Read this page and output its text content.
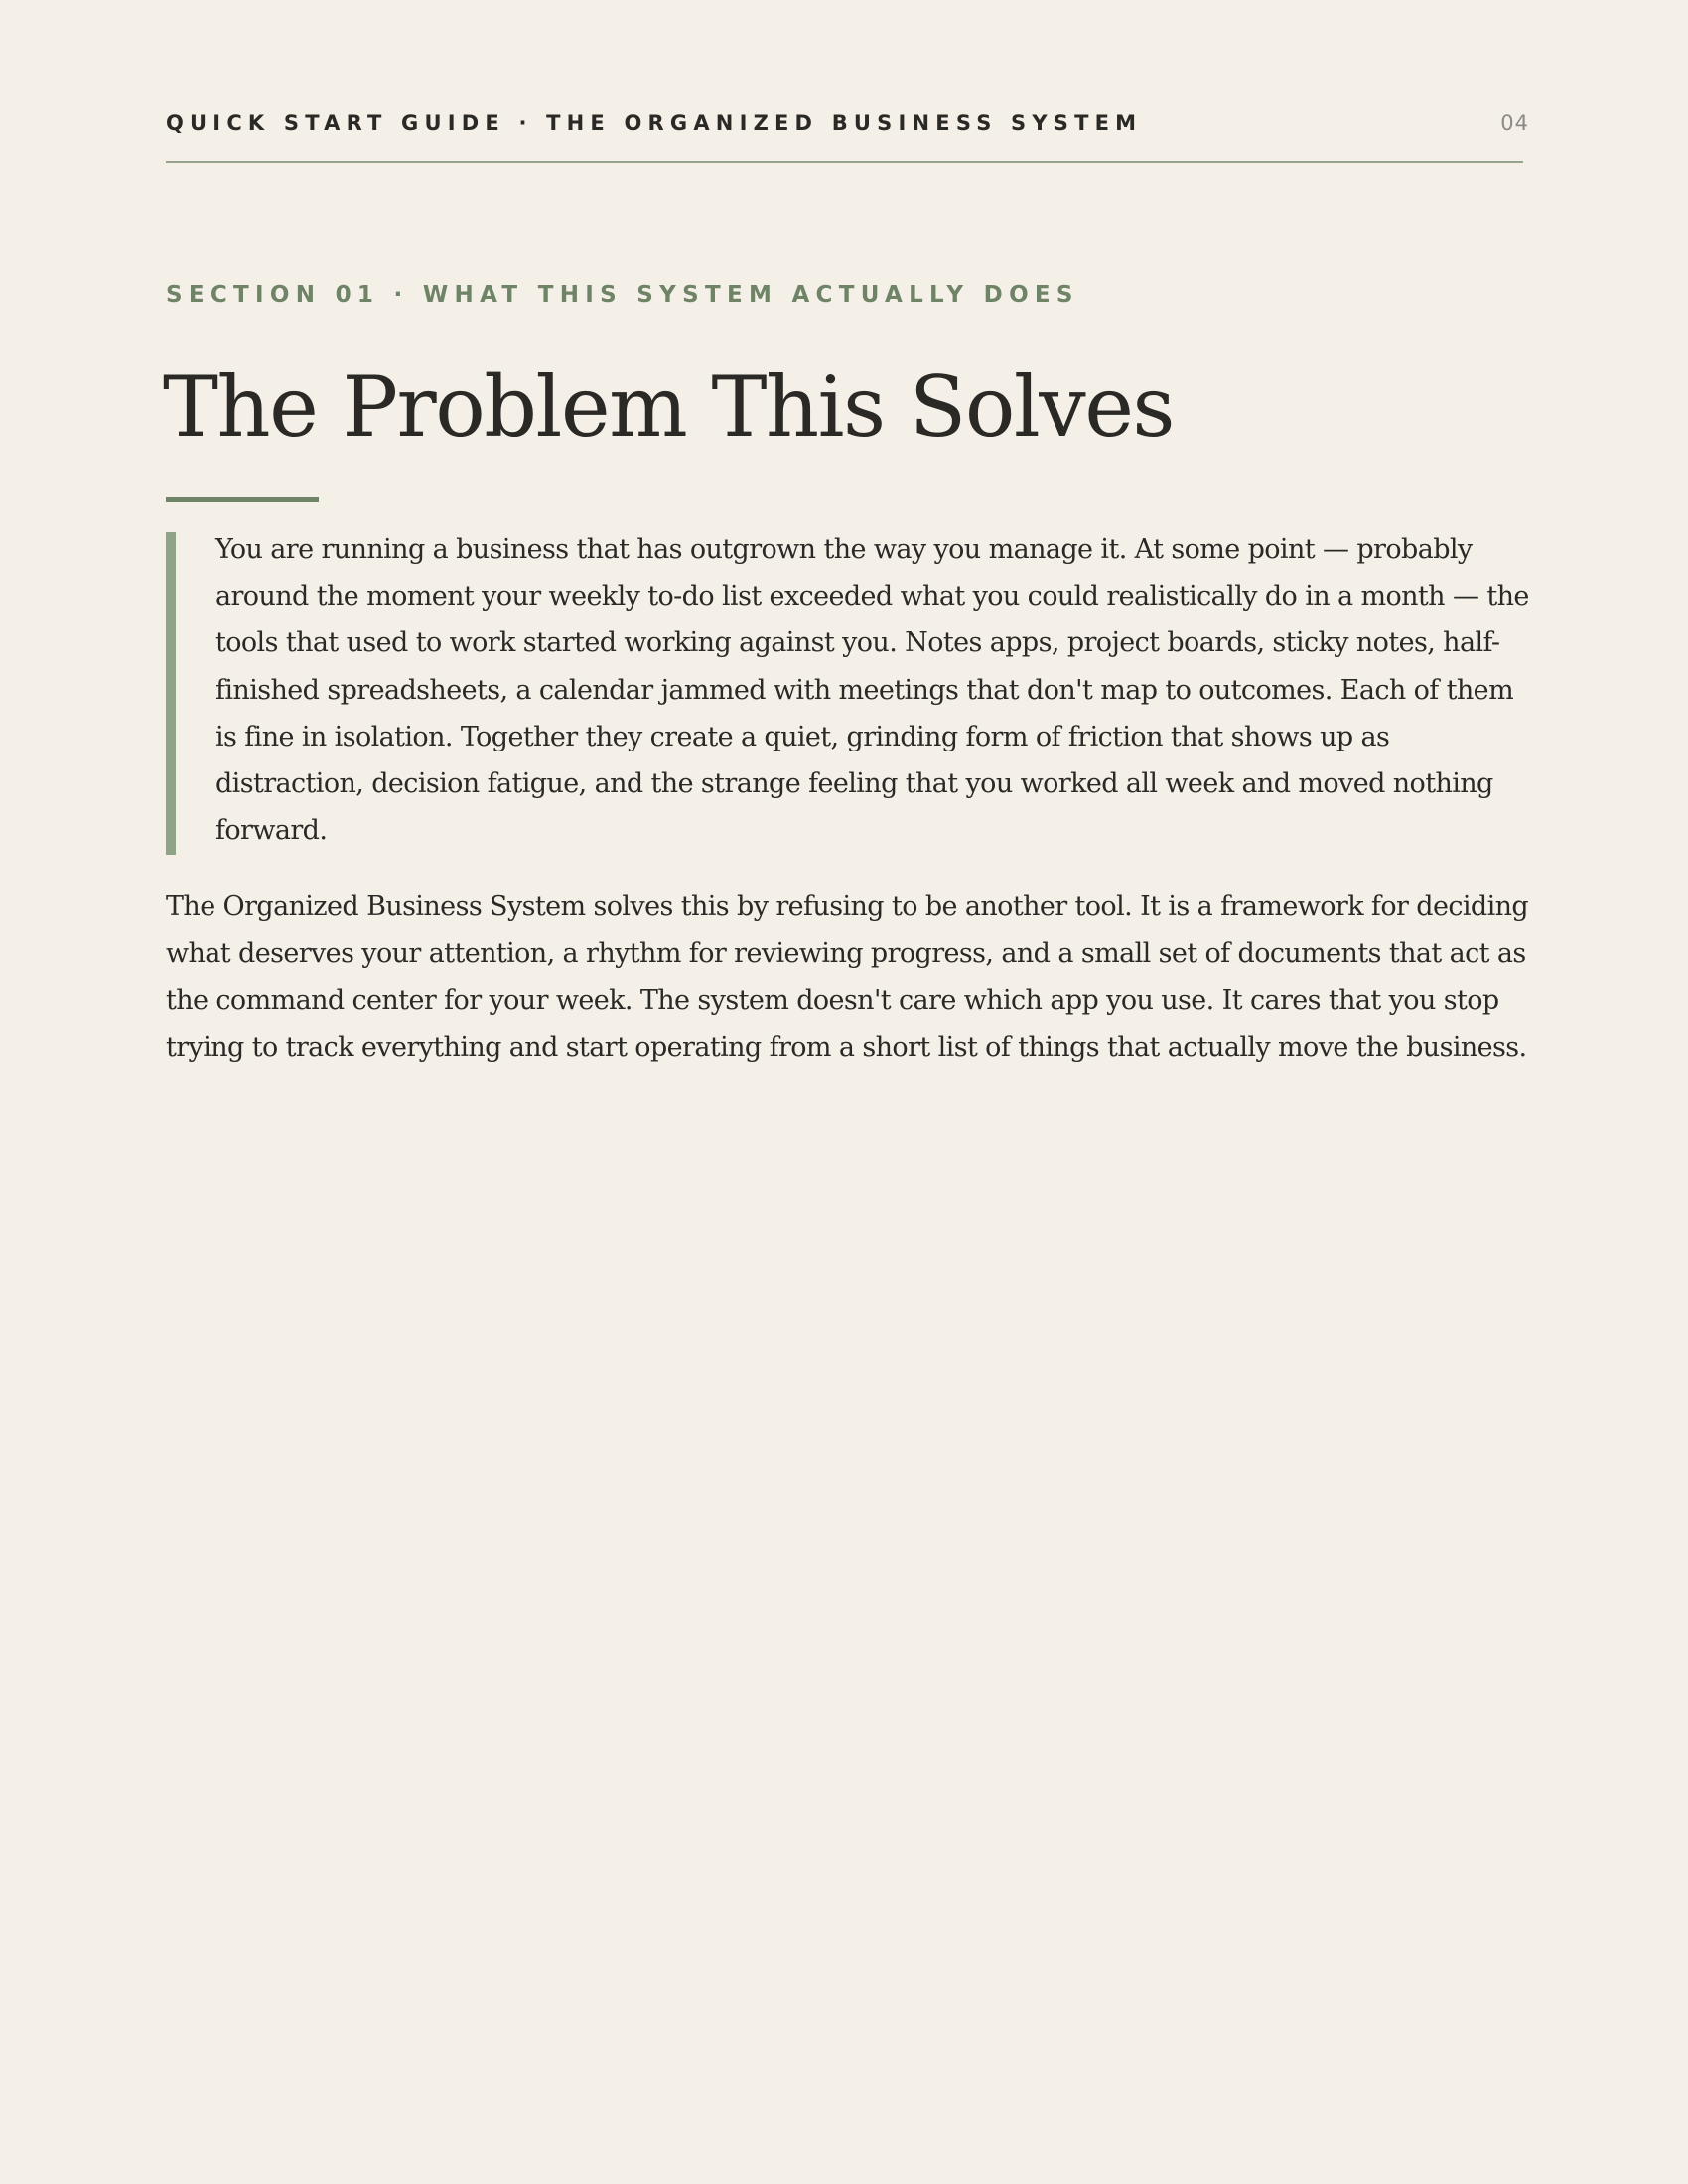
QUICK START GUIDE · THE ORGANIZED BUSINESS SYSTEM	04
SECTION 01 · WHAT THIS SYSTEM ACTUALLY DOES
The Problem This Solves

You are running a business that has outgrown the way you manage it. At some point — probably around the moment your weekly to-do list exceeded what you could realistically do in a month — the tools that used to work started working against you. Notes apps, project boards, sticky notes, half-finished spreadsheets, a calendar jammed with meetings that don't map to outcomes. Each of them is fine in isolation. Together they create a quiet, grinding form of friction that shows up as distraction, decision fatigue, and the strange feeling that you worked all week and moved nothing forward.

The Organized Business System solves this by refusing to be another tool. It is a framework for deciding what deserves your attention, a rhythm for reviewing progress, and a small set of documents that act as the command center for your week. The system doesn't care which app you use. It cares that you stop trying to track everything and start operating from a short list of things that actually move the business.
